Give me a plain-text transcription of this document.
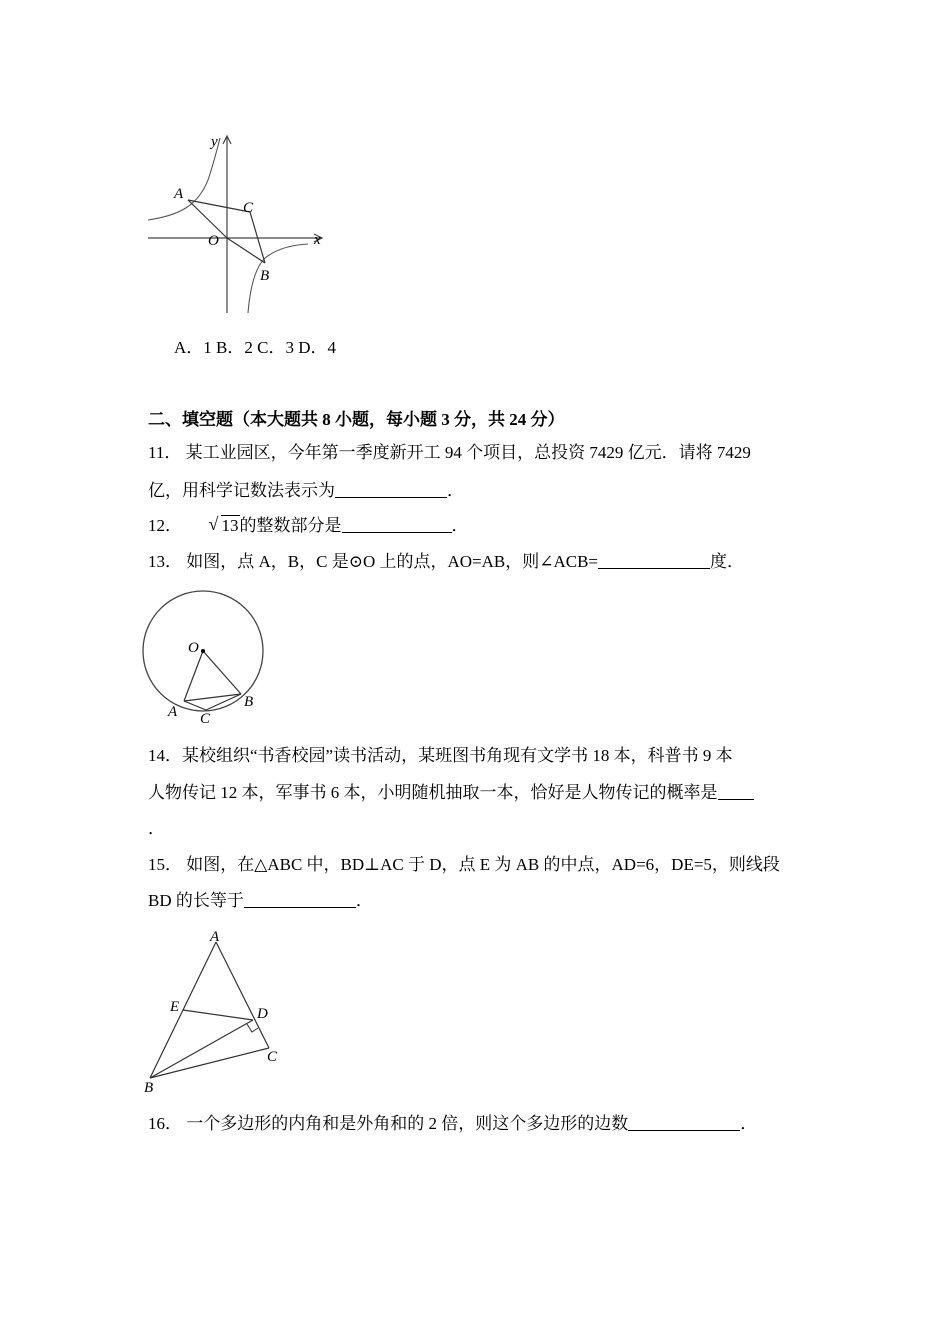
y
x
A
C
O
B
A．1 B．2 C．3 D．4
二、填空题（本大题共 8 小题，每小题 3 分，共 24 分）
11． 某工业园区，今年第一季度新开工 94 个项目，总投资 7429 亿元．请将 7429
亿，用科学记数法表示为	．
12． √ 13的整数部分是	．
13． 如图，点 A，B，C 是⊙O 上的点，AO=AB，则∠ACB=	度．
O
A C
B
14．某校组织“书香校园”读书活动，某班图书角现有文学书 18 本，科普书 9 本
人物传记 12 本，军事书 6 本，小明随机抽取一本，恰好是人物传记的概率是
．
15． 如图，在△ABC 中，BD⊥AC 于 D，点 E 为 AB 的中点，AD=6，DE=5，则线段
BD 的长等于	．
A
E	D
C
B
16． 一个多边形的内角和是外角和的 2 倍，则这个多边形的边数	．
